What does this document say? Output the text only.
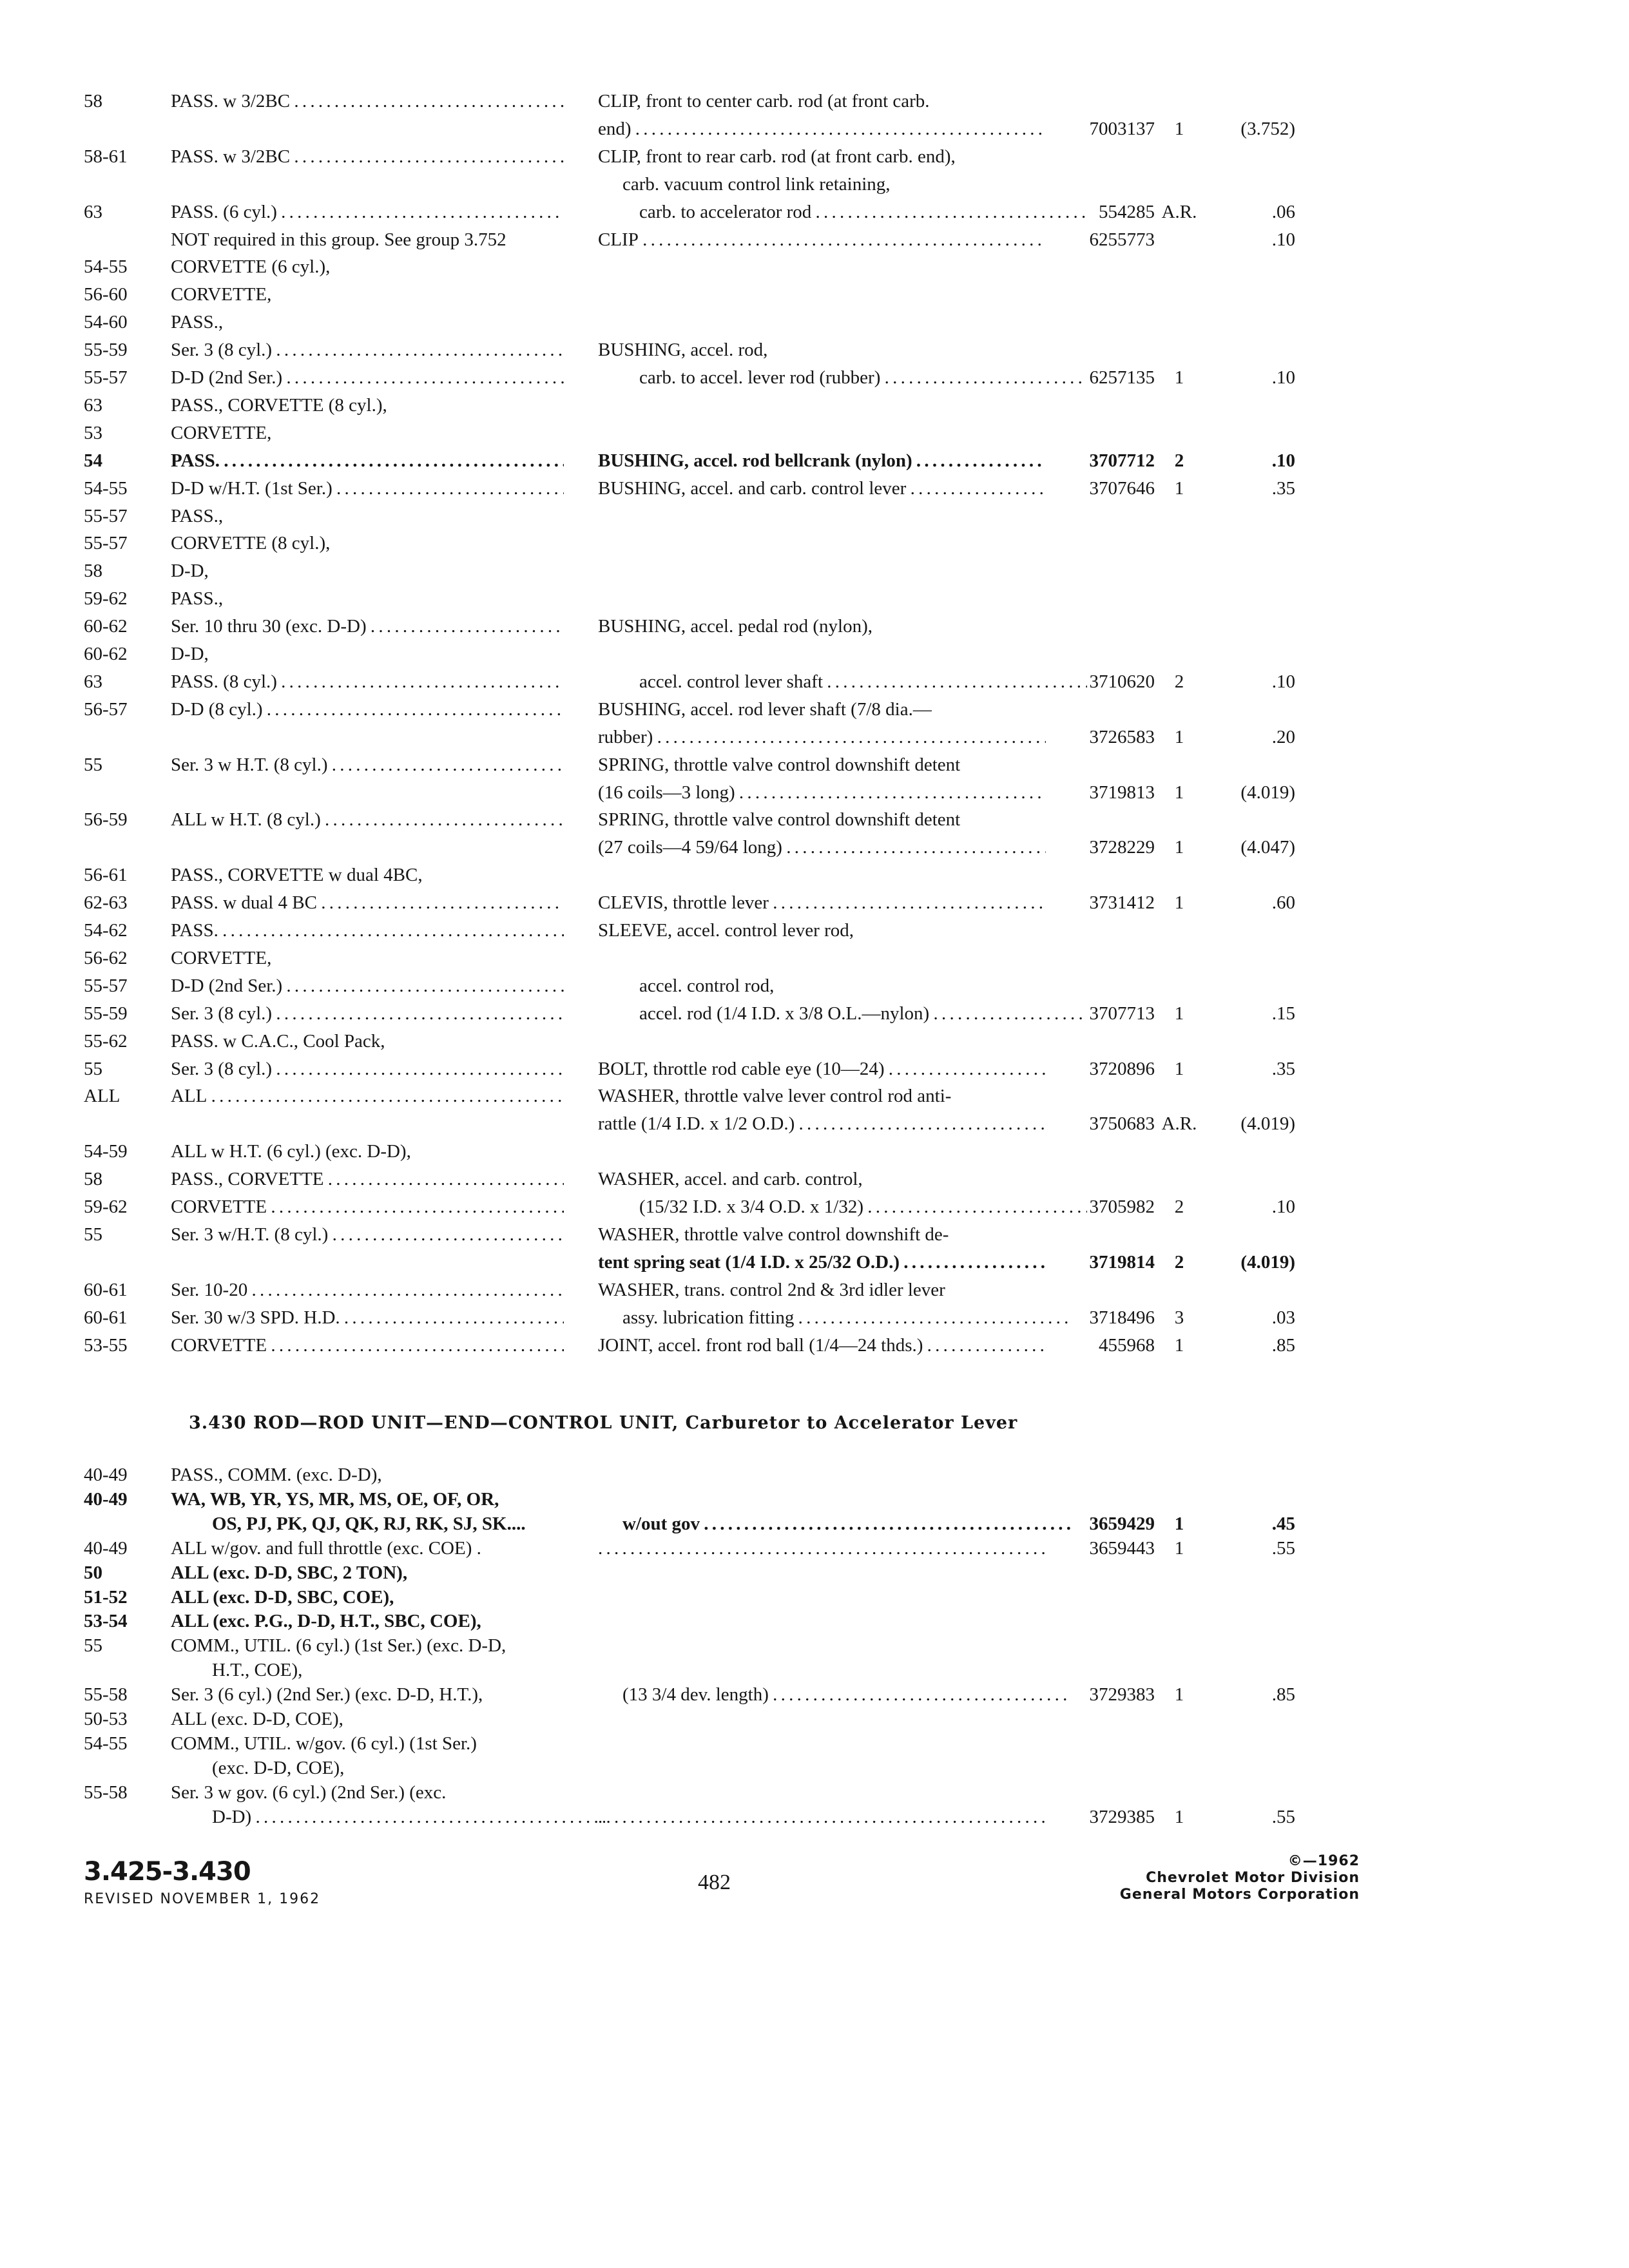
58	PASS. w 3/2BC . . .	CLIP, front to center carb. rod (at front carb.
end) . . .	7003137	1	(3.752)
58-61	PASS. w 3/2BC . . .	CLIP, front to rear carb. rod (at front carb. end),
carb. vacuum control link retaining,
63	PASS. (6 cyl.) . . .	carb. to accelerator rod . . .	554285 A.R.	.06
NOT required in this group. See group 3.752	CLIP . . .	6255773	.10
54-55	CORVETTE (6 cyl.),
56-60	CORVETTE,
54-60	PASS.,
55-59	Ser. 3 (8 cyl.) . . .	BUSHING, accel. rod,
55-57	D-D (2nd Ser.) . . .	carb. to accel. lever rod (rubber) . . .	6257135	1	.10
63	PASS., CORVETTE (8 cyl.),
53	CORVETTE,
54	PASS. . . .	BUSHING, accel. rod bellcrank (nylon) . . .	3707712	2	.10
54-55	D-D w/H.T. (1st Ser.) . . .	BUSHING, accel. and carb. control lever . . .	3707646	1	.35
55-57	PASS.,
55-57	CORVETTE (8 cyl.),
58	D-D,
59-62	PASS.,
60-62	Ser. 10 thru 30 (exc. D-D) . . .	BUSHING, accel. pedal rod (nylon),
60-62	D-D,
63	PASS. (8 cyl.) . . .	accel. control lever shaft . . .	3710620	2	.10
56-57	D-D (8 cyl.) . . .	BUSHING, accel. rod lever shaft (7/8 dia.—
rubber) . . .	3726583	1	.20
55	Ser. 3 w H.T. (8 cyl.) . . .	SPRING, throttle valve control downshift detent
(16 coils—3 long) . . .	3719813	1	(4.019)
56-59	ALL w H.T. (8 cyl.) . . .	SPRING, throttle valve control downshift detent
(27 coils—4 59/64 long) . . .	3728229	1	(4.047)
56-61	PASS., CORVETTE w dual 4BC,
62-63	PASS. w dual 4 BC . . .	CLEVIS, throttle lever . . .	3731412	1	.60
54-62	PASS. . . .	SLEEVE, accel. control lever rod,
56-62	CORVETTE,
55-57	D-D (2nd Ser.) . . .	accel. control rod,
55-59	Ser. 3 (8 cyl.) . . .	accel. rod (1/4 I.D. x 3/8 O.L.—nylon) . . .	3707713	1	.15
55-62	PASS. w C.A.C., Cool Pack,
55	Ser. 3 (8 cyl.) . . .	BOLT, throttle rod cable eye (10—24) . . .	3720896	1	.35
ALL	ALL . . .	WASHER, throttle valve lever control rod anti-
rattle (1/4 I.D. x 1/2 O.D.) . . .	3750683 A.R.	(4.019)
54-59	ALL w H.T. (6 cyl.) (exc. D-D),
58	PASS., CORVETTE . . .	WASHER, accel. and carb. control,
59-62	CORVETTE . . .	(15/32 I.D. x 3/4 O.D. x 1/32) . . .	3705982	2	.10
55	Ser. 3 w/H.T. (8 cyl.) . . .	WASHER, throttle valve control downshift de-
tent spring seat (1/4 I.D. x 25/32 O.D.) . . .	3719814	2	(4.019)
60-61	Ser. 10-20 . . .	WASHER, trans. control 2nd & 3rd idler lever
60-61	Ser. 30 w/3 SPD. H.D. . . .	assy. lubrication fitting . . .	3718496	3	.03
53-55	CORVETTE . . .	JOINT, accel. front rod ball (1/4—24 thds.) . . .	455968	1	.85
3.430 ROD—ROD UNIT—END—CONTROL UNIT, Carburetor to Accelerator Lever
40-49	PASS., COMM. (exc. D-D),
40-49	WA, WB, YR, YS, MR, MS, OE, OF, OR,
OS, PJ, PK, QJ, QK, RJ, RK, SJ, SK....	w/out gov . . .	3659429	1	.45
40-49	ALL w/gov. and full throttle (exc. COE) . . . .	3659443	1	.55
50	ALL (exc. D-D, SBC, 2 TON),
51-52	ALL (exc. D-D, SBC, COE),
53-54	ALL (exc. P.G., D-D, H.T., SBC, COE),
55	COMM., UTIL. (6 cyl.) (1st Ser.) (exc. D-D,
H.T., COE),
55-58	Ser. 3 (6 cyl.) (2nd Ser.) (exc. D-D, H.T.),	(13 3/4 dev. length) . . .	3729383	1	.85
50-53	ALL (exc. D-D, COE),
54-55	COMM., UTIL. w/gov. (6 cyl.) (1st Ser.)
(exc. D-D, COE),
55-58	Ser. 3 w gov. (6 cyl.) (2nd Ser.) (exc.
D-D) . . . . . .	3729385	1	.55
3.425-3.430
REVISED NOVEMBER 1, 1962
482
©—1962
Chevrolet Motor Division
General Motors Corporation
